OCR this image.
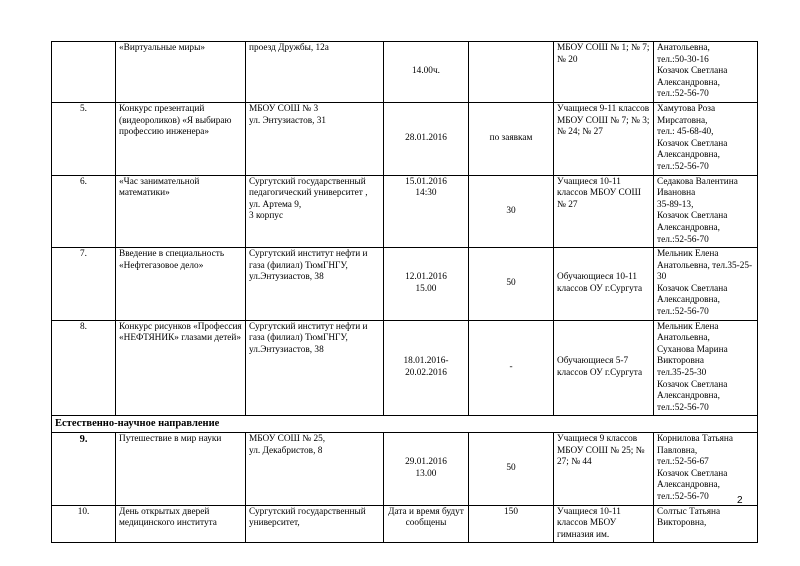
	«Виртуальные миры»	проезд Дружбы, 12а	14.00ч.		МБОУ СОШ № 1; № 7; № 20	Анатольевна,
тел.:50-30-16
Козачок Светлана Александровна,
тел.:52-56-70
5.	Конкурс презентаций (видеороликов) «Я выбираю профессию инженера»	МБОУ СОШ № 3
ул. Энтузиастов, 31	28.01.2016	по заявкам	Учащиеся 9-11 классов МБОУ СОШ № 7; № 3; № 24; № 27	Хамутова Роза Мирсатовна,
тел.: 45-68-40,
Козачок Светлана Александровна,
тел.:52-56-70
6.	«Час занимательной математики»	Сургутский государственный педагогический университет , ул. Артема 9,
3 корпус	15.01.2016
14:30	30	Учащиеся 10-11 классов МБОУ СОШ № 27	Седакова Валентина Ивановна
35-89-13,
Козачок Светлана Александровна,
тел.:52-56-70
7.	Введение в специальность «Нефтегазовое дело»	Сургутский институт нефти и газа (филиал) ТюмГНГУ, ул.Энтузиастов, 38	12.01.2016
15.00	50	Обучающиеся 10-11 классов ОУ г.Сургута	Мельник Елена Анатольевна, тел.35-25-30
Козачок Светлана Александровна,
тел.:52-56-70
8.	Конкурс рисунков «Профессия «НЕФТЯНИК» глазами детей»	Сургутский институт нефти и газа (филиал) ТюмГНГУ, ул.Энтузиастов, 38	18.01.2016-
20.02.2016	-	Обучающиеся 5-7 классов ОУ г.Сургута	Мельник Елена Анатольевна,
Суханова Марина Викторовна
тел.35-25-30
Козачок Светлана Александровна,
тел.:52-56-70
Естественно-научное направление						
9.	Путешествие в мир науки	МБОУ СОШ № 25,
ул. Декабристов, 8	29.01.2016
13.00	50	Учащиеся 9 классов МБОУ СОШ № 25; № 27; № 44	Корнилова Татьяна Павловна,
тел.:52-56-67
Козачок Светлана Александровна,
тел.:52-56-70
10.	День открытых дверей медицинского института	Сургутский государственный университет,	Дата и время будут сообщены	150	Учащиеся 10-11 классов МБОУ гимназия им.	Солтыс Татьяна Викторовна,
2
